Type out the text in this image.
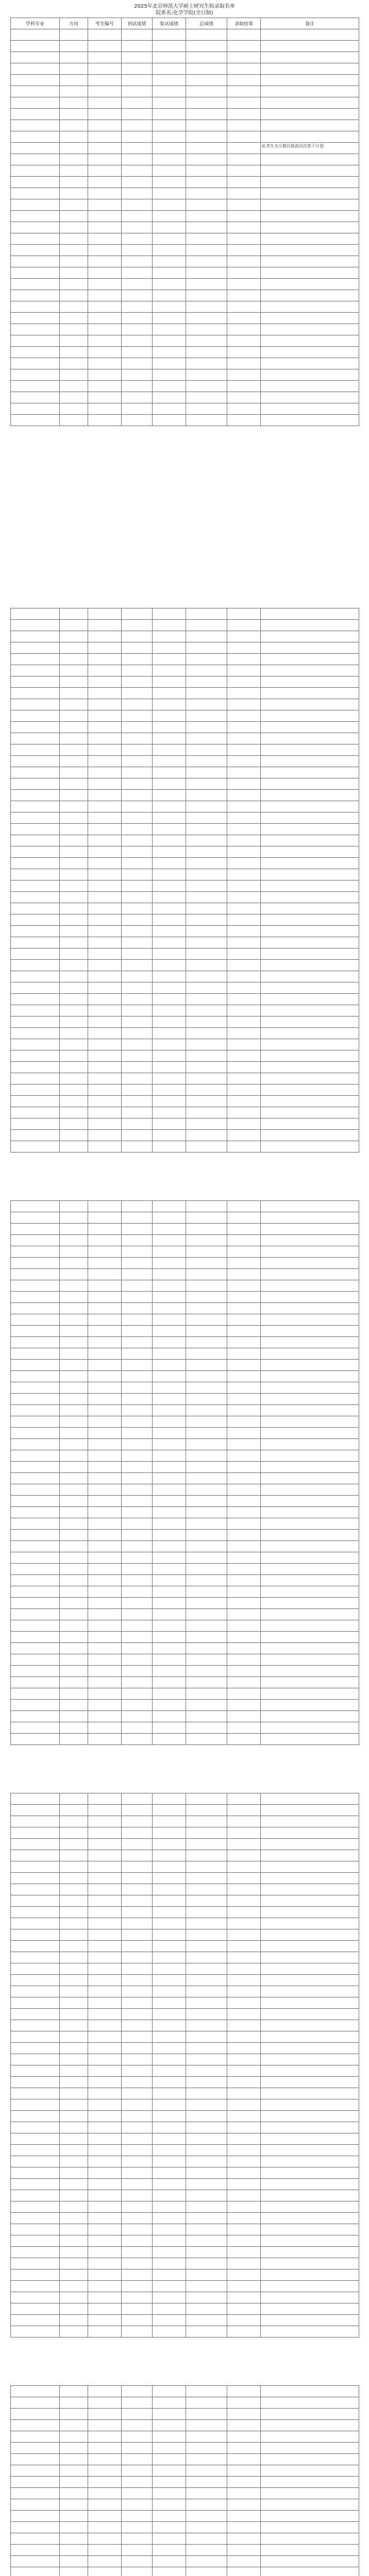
2025年北京师范大学硕士研究生拟录取名单
院系名:化学学院(全日制)
学科专业	方向	考生编号	初试成绩	复试成绩	总成绩	录取结果	备注

							此考生为少数民族高层次骨干计划
